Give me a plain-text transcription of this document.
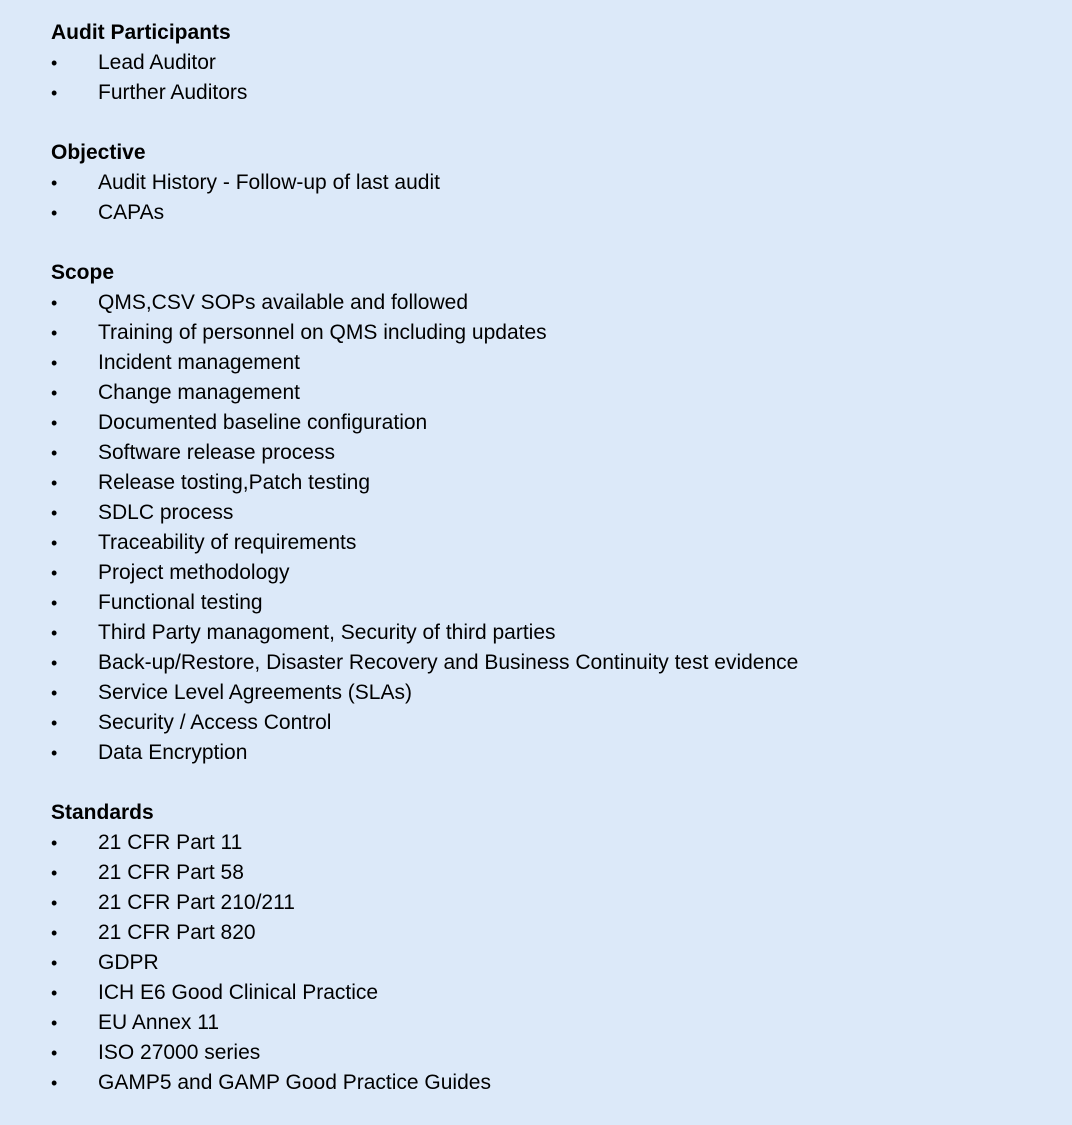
Audit Participants
• Lead Auditor
• Further Auditors
Objective
• Audit History - Follow-up of last audit
• CAPAs
Scope
• QMS,CSV SOPs available and followed
• Training of personnel on QMS including updates
• Incident management
• Change management
• Documented baseline configuration
• Software release process
• Release tosting,Patch testing
• SDLC process
• Traceability of requirements
• Project methodology
• Functional testing
• Third Party managoment, Security of third parties
• Back-up/Restore, Disaster Recovery and Business Continuity test evidence
• Service Level Agreements (SLAs)
• Security / Access Control
• Data Encryption
Standards
• 21 CFR Part 11
• 21 CFR Part 58
• 21 CFR Part 210/211
• 21 CFR Part 820
• GDPR
• ICH E6 Good Clinical Practice
• EU Annex 11
• ISO 27000 series
• GAMP5 and GAMP Good Practice Guides
